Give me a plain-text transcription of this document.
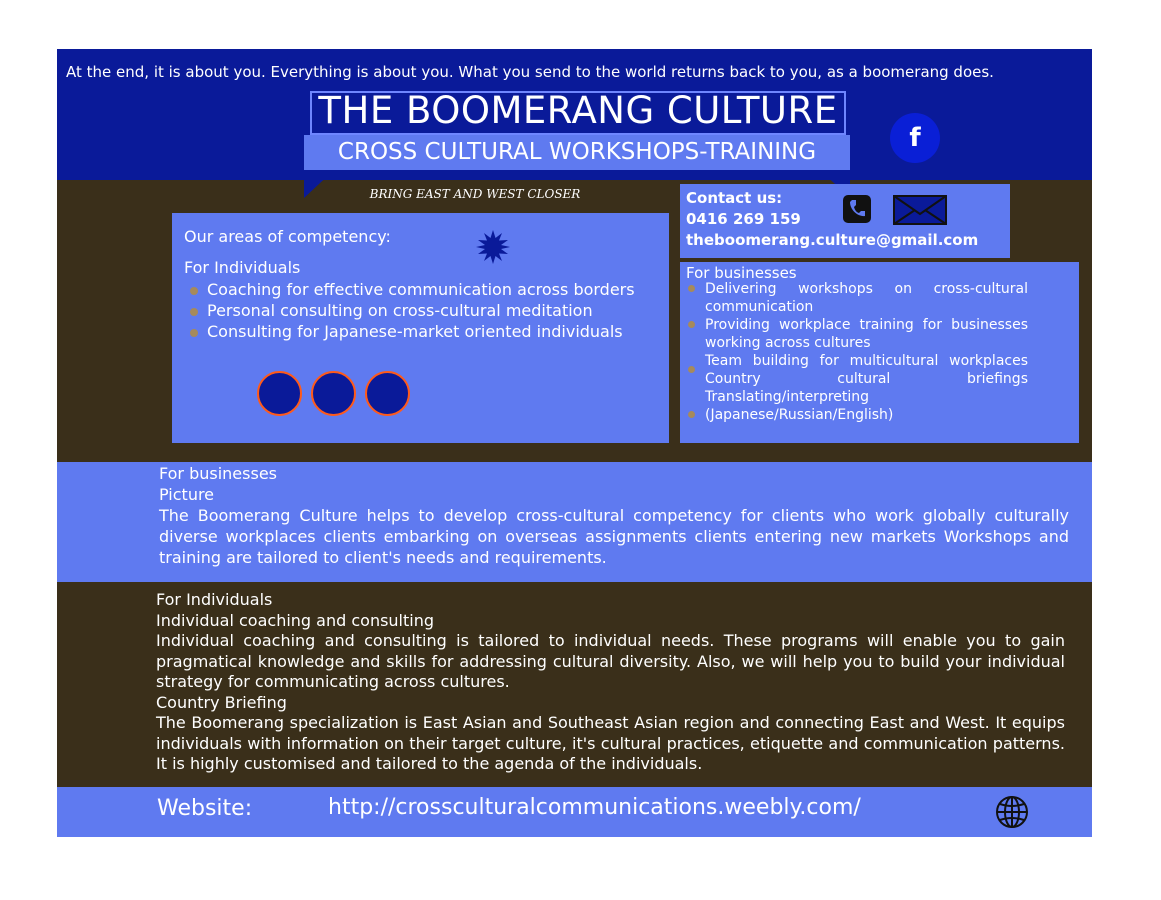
At the end, it is about you. Everything is about you. What you send to the world returns back to you, as a boomerang does.
THE BOOMERANG CULTURE
CROSS CULTURAL WORKSHOPS-TRAINING	f
BRING EAST AND WEST CLOSER
Our areas of competency:
For Individuals
Coaching for effective communication across borders
Personal consulting on cross-cultural meditation
Consulting for Japanese-market oriented individuals
Contact us:
0416 269 159
theboomerang.culture@gmail.com
For businesses
Delivering workshops on cross-cultural communication
Providing workplace training for businesses working across cultures
Team building for multicultural workplaces Country cultural briefings Translating/interpreting
(Japanese/Russian/English)
For businesses
Picture
The Boomerang Culture helps to develop cross-cultural competency for clients who work globally culturally diverse workplaces clients embarking on overseas assignments clients entering new markets Workshops and training are tailored to client's needs and requirements.
For Individuals
Individual coaching and consulting
Individual coaching and consulting is tailored to individual needs. These programs will enable you to gain pragmatical knowledge and skills for addressing cultural diversity. Also, we will help you to build your individual strategy for communicating across cultures.
Country Briefing
The Boomerang specialization is East Asian and Southeast Asian region and connecting East and West. It equips individuals with information on their target culture, it's cultural practices, etiquette and communication patterns. It is highly customised and tailored to the agenda of the individuals.
Website:	http://crossculturalcommunications.weebly.com/
